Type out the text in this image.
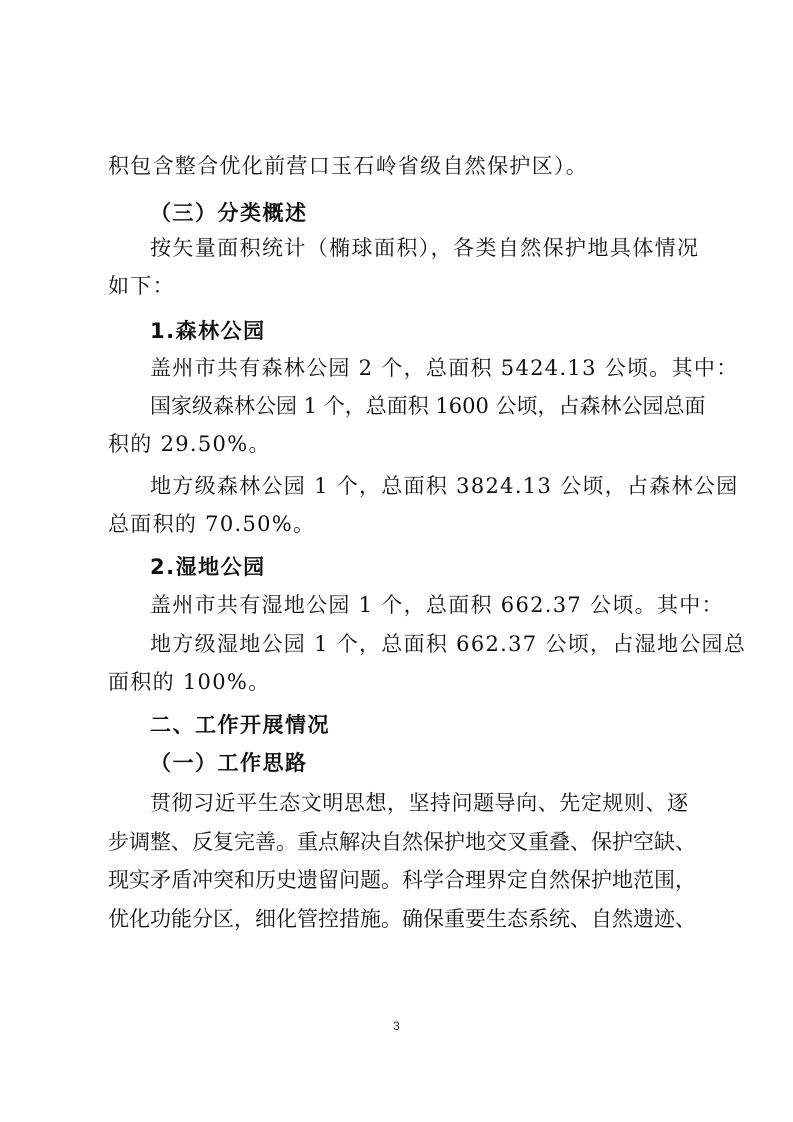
积包含整合优化前营口玉石岭省级自然保护区）。
（三）分类概述
按矢量面积统计（椭球面积），各类自然保护地具体情况
如下：
1.森林公园
盖州市共有森林公园 2 个，总面积 5424.13 公顷。其中：
国家级森林公园 1 个，总面积 1600 公顷，占森林公园总面
积的 29.50%。
地方级森林公园 1 个，总面积 3824.13 公顷，占森林公园
总面积的 70.50%。
2.湿地公园
盖州市共有湿地公园 1 个，总面积 662.37 公顷。其中：
地方级湿地公园 1 个，总面积 662.37 公顷，占湿地公园总
面积的 100%。
二、工作开展情况
（一）工作思路
贯彻习近平生态文明思想，坚持问题导向、先定规则、逐
步调整、反复完善。重点解决自然保护地交叉重叠、保护空缺、
现实矛盾冲突和历史遗留问题。科学合理界定自然保护地范围，
优化功能分区，细化管控措施。确保重要生态系统、自然遗迹、
3
